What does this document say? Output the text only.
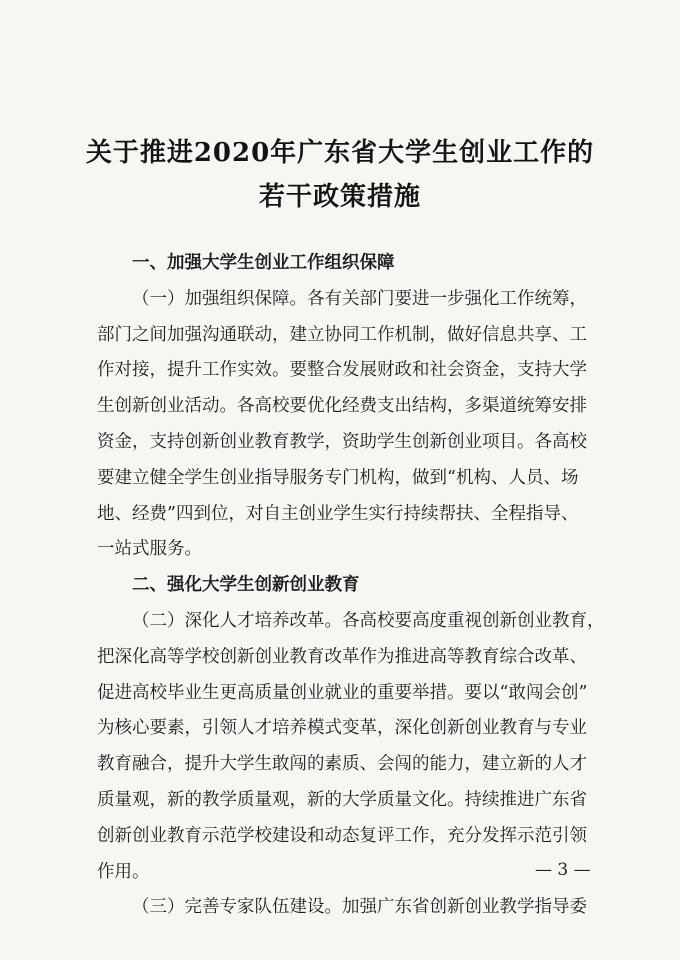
关于推进2020年广东省大学生创业工作的
若干政策措施
一、加强大学生创业工作组织保障
（一）加强组织保障。各有关部门要进一步强化工作统筹，
部门之间加强沟通联动，建立协同工作机制，做好信息共享、工
作对接，提升工作实效。要整合发展财政和社会资金，支持大学
生创新创业活动。各高校要优化经费支出结构，多渠道统筹安排
资金，支持创新创业教育教学，资助学生创新创业项目。各高校
要建立健全学生创业指导服务专门机构，做到“机构、人员、场
地、经费”四到位，对自主创业学生实行持续帮扶、全程指导、
一站式服务。
二、强化大学生创新创业教育
（二）深化人才培养改革。各高校要高度重视创新创业教育，
把深化高等学校创新创业教育改革作为推进高等教育综合改革、
促进高校毕业生更高质量创业就业的重要举措。要以“敢闯会创”
为核心要素，引领人才培养模式变革，深化创新创业教育与专业
教育融合，提升大学生敢闯的素质、会闯的能力，建立新的人才
质量观，新的教学质量观，新的大学质量文化。持续推进广东省
创新创业教育示范学校建设和动态复评工作，充分发挥示范引领
作用。
（三）完善专家队伍建设。加强广东省创新创业教学指导委

— 3 —
